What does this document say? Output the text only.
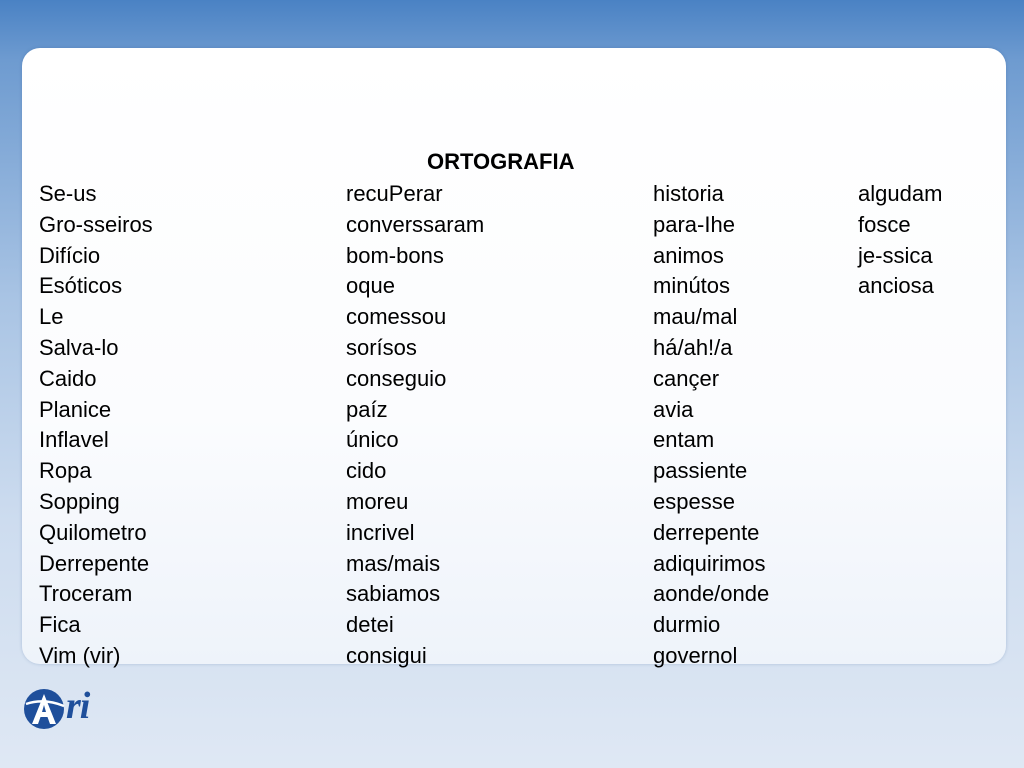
ORTOGRAFIA
Se-us
Gro-sseiros
Difício
Esóticos
Le
Salva-lo
Caido
Planice
Inflavel
Ropa
Sopping
Quilometro
Derrepente
Troceram
Fica
Vim (vir)
recuPerar
converssaram
bom-bons
oque
comessou
sorísos
conseguio
paíz
único
cido
moreu
incrivel
mas/mais
sabiamos
detei
consigui
historia
para-Ihe
animos
minútos
mau/mal
há/ah!/a
cançer
avia
entam
passiente
espesse
derrepente
adiquirimos
aonde/onde
durmio
governol
algudam
fosce
je-ssica
anciosa
ri
